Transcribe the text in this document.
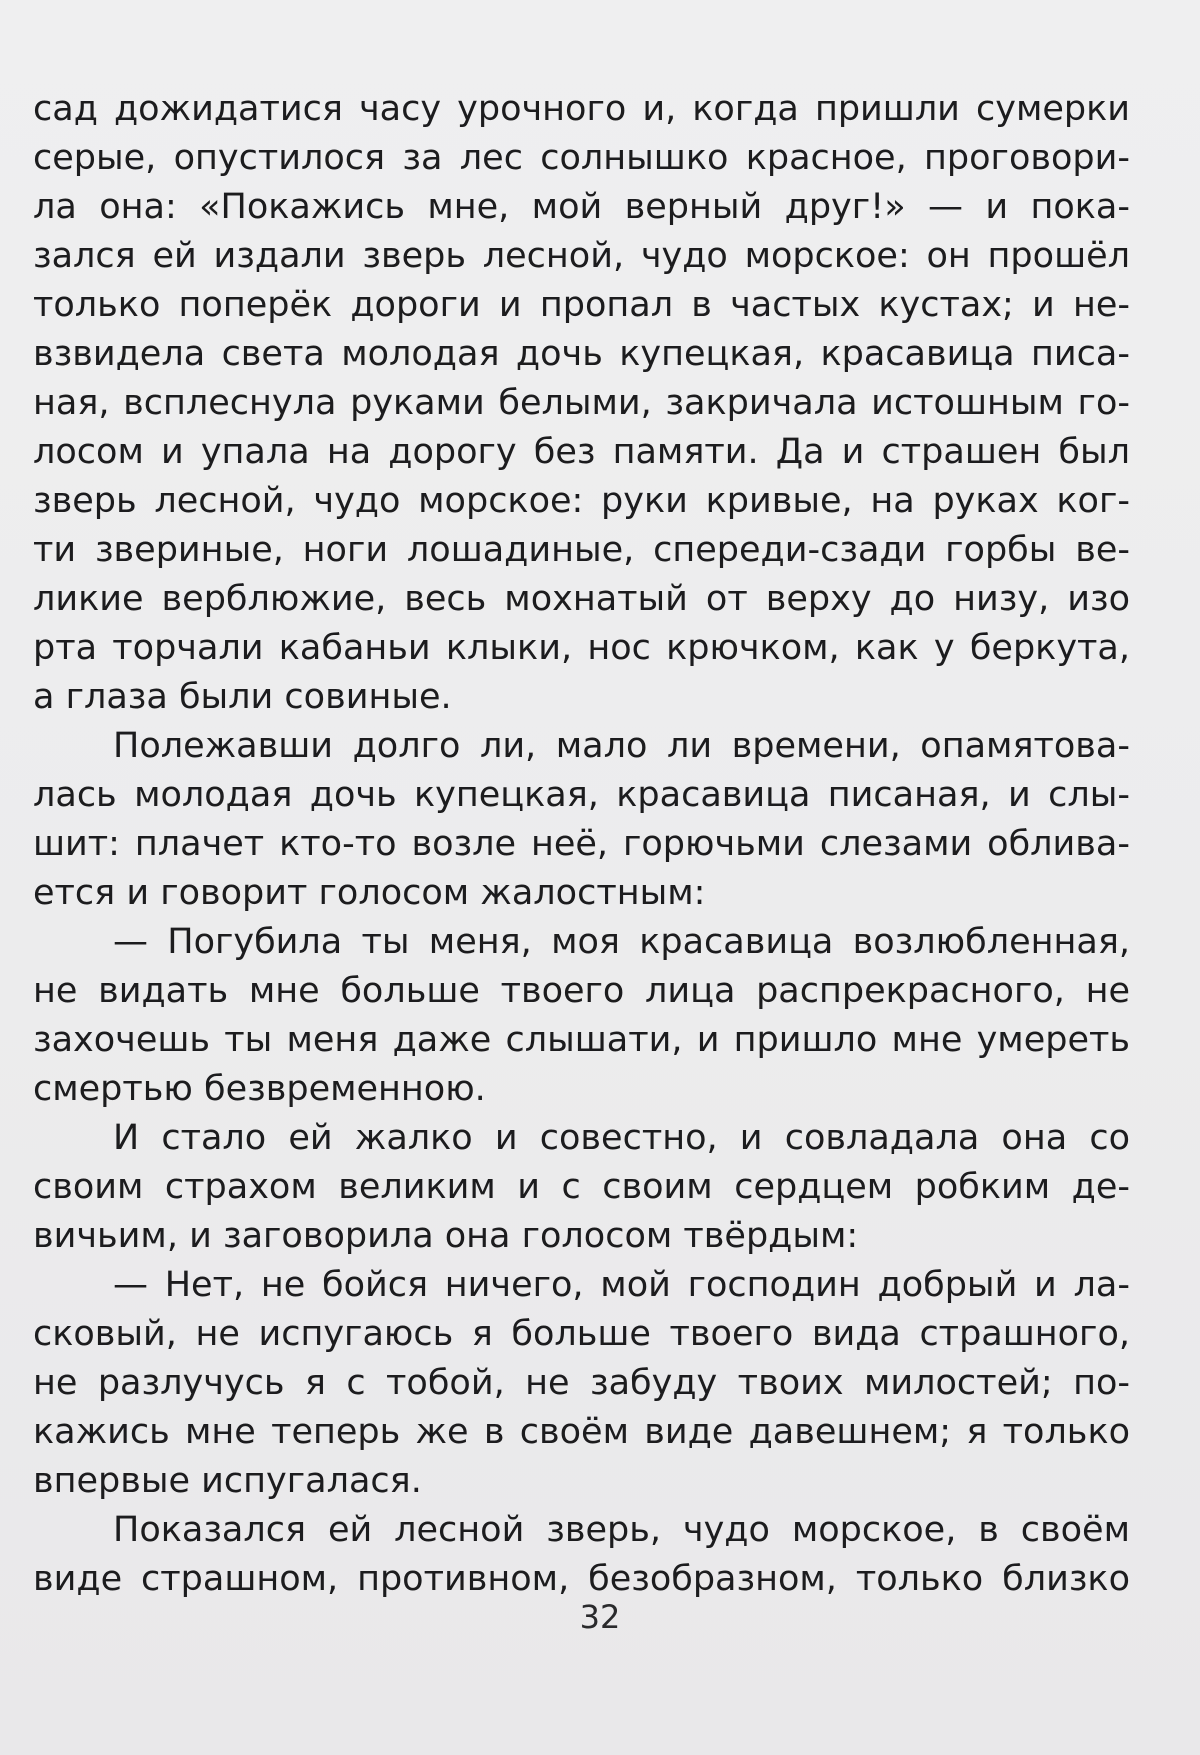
сад дожидатися часу урочного и, когда пришли сумерки
серые, опустилося за лес солнышко красное, проговори-
ла она: «Покажись мне, мой верный друг!» — и пока-
зался ей издали зверь лесной, чудо морское: он прошёл
только поперёк дороги и пропал в частых кустах; и не-
взвидела света молодая дочь купецкая, красавица писа-
ная, всплеснула руками белыми, закричала истошным го-
лосом и упала на дорогу без памяти. Да и страшен был
зверь лесной, чудо морское: руки кривые, на руках ког-
ти звериные, ноги лошадиные, спереди-сзади горбы ве-
ликие верблюжие, весь мохнатый от верху до низу, изо
рта торчали кабаньи клыки, нос крючком, как у беркута,
а глаза были совиные.
Полежавши долго ли, мало ли времени, опамятова-
лась молодая дочь купецкая, красавица писаная, и слы-
шит: плачет кто-то возле неё, горючьми слезами облива-
ется и говорит голосом жалостным:
— Погубила ты меня, моя красавица возлюбленная,
не видать мне больше твоего лица распрекрасного, не
захочешь ты меня даже слышати, и пришло мне умереть
смертью безвременною.
И стало ей жалко и совестно, и совладала она со
своим страхом великим и с своим сердцем робким де-
вичьим, и заговорила она голосом твёрдым:
— Нет, не бойся ничего, мой господин добрый и ла-
сковый, не испугаюсь я больше твоего вида страшного,
не разлучусь я с тобой, не забуду твоих милостей; по-
кажись мне теперь же в своём виде давешнем; я только
впервые испугалася.
Показался ей лесной зверь, чудо морское, в своём
виде страшном, противном, безобразном, только близко
32
